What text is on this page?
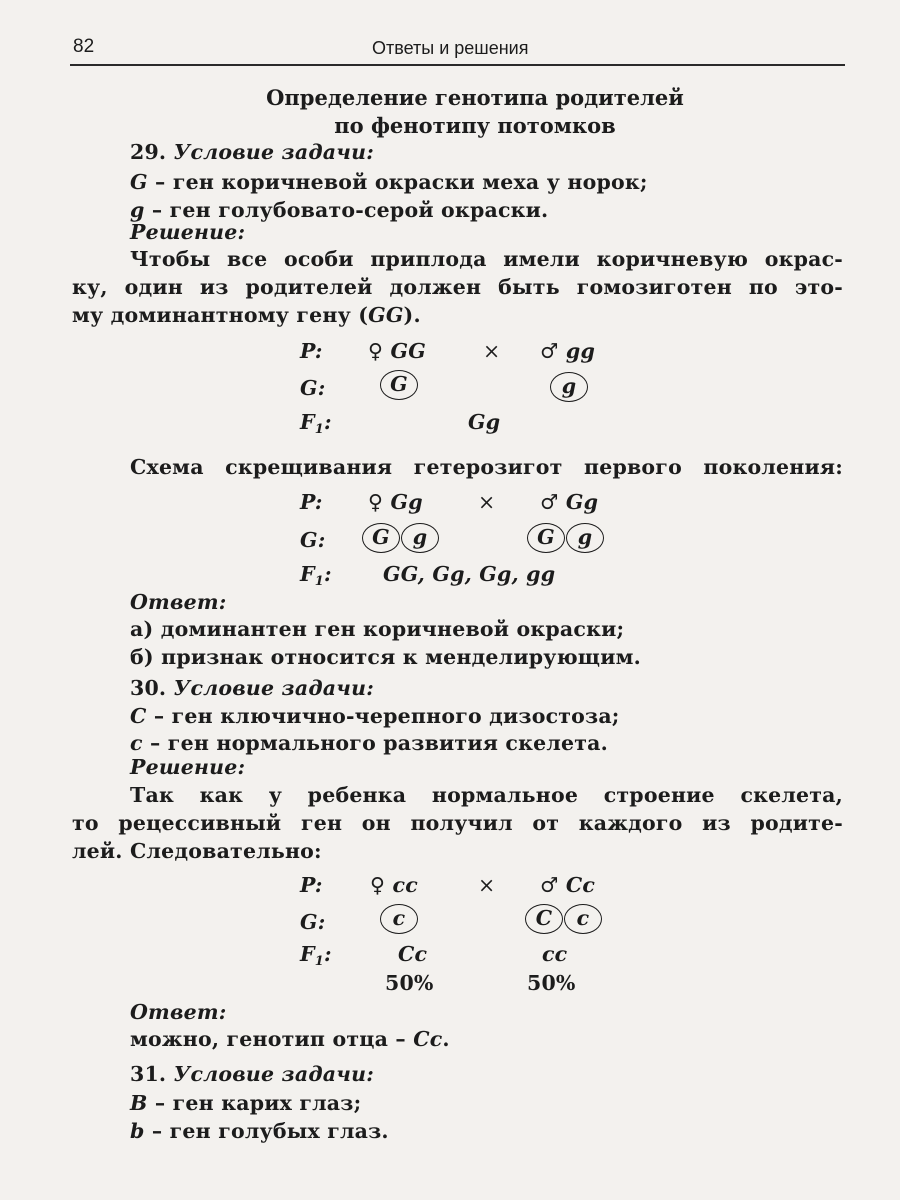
82	Ответы и решения
Определение генотипа родителей
по фенотипу потомков
29. Условие задачи:
G – ген коричневой окраски меха у норок;
g – ген голубовато-серой окраски.
Решение:
Чтобы все особи приплода имели коричневую окрас-
ку, один из родителей должен быть гомозиготен по это-
му доминантному гену (GG).
P: ♀ GG	× ♂ gg
G:	G	g
$F_1$:	Gg
Схема скрещивания гетерозигот первого поколения:
P: ♀ Gg	× ♂ Gg
G:	G g	G g
$F_1$: GG, Gg, Gg, gg
Ответ:
а) доминантен ген коричневой окраски;
б) признак относится к менделирующим.
30. Условие задачи:
C – ген ключично-черепного дизостоза;
c – ген нормального развития скелета.
Решение:
Так как у ребенка нормальное строение скелета,
то рецессивный ген он получил от каждого из родите-
лей. Следовательно:
P: ♀ cc	× ♂ Cc
G:	c	C c
$F_1$:	Cc	cc
50%	50%
Ответ:
можно, генотип отца – Cc.
31. Условие задачи:
B – ген карих глаз;
b – ген голубых глаз.
